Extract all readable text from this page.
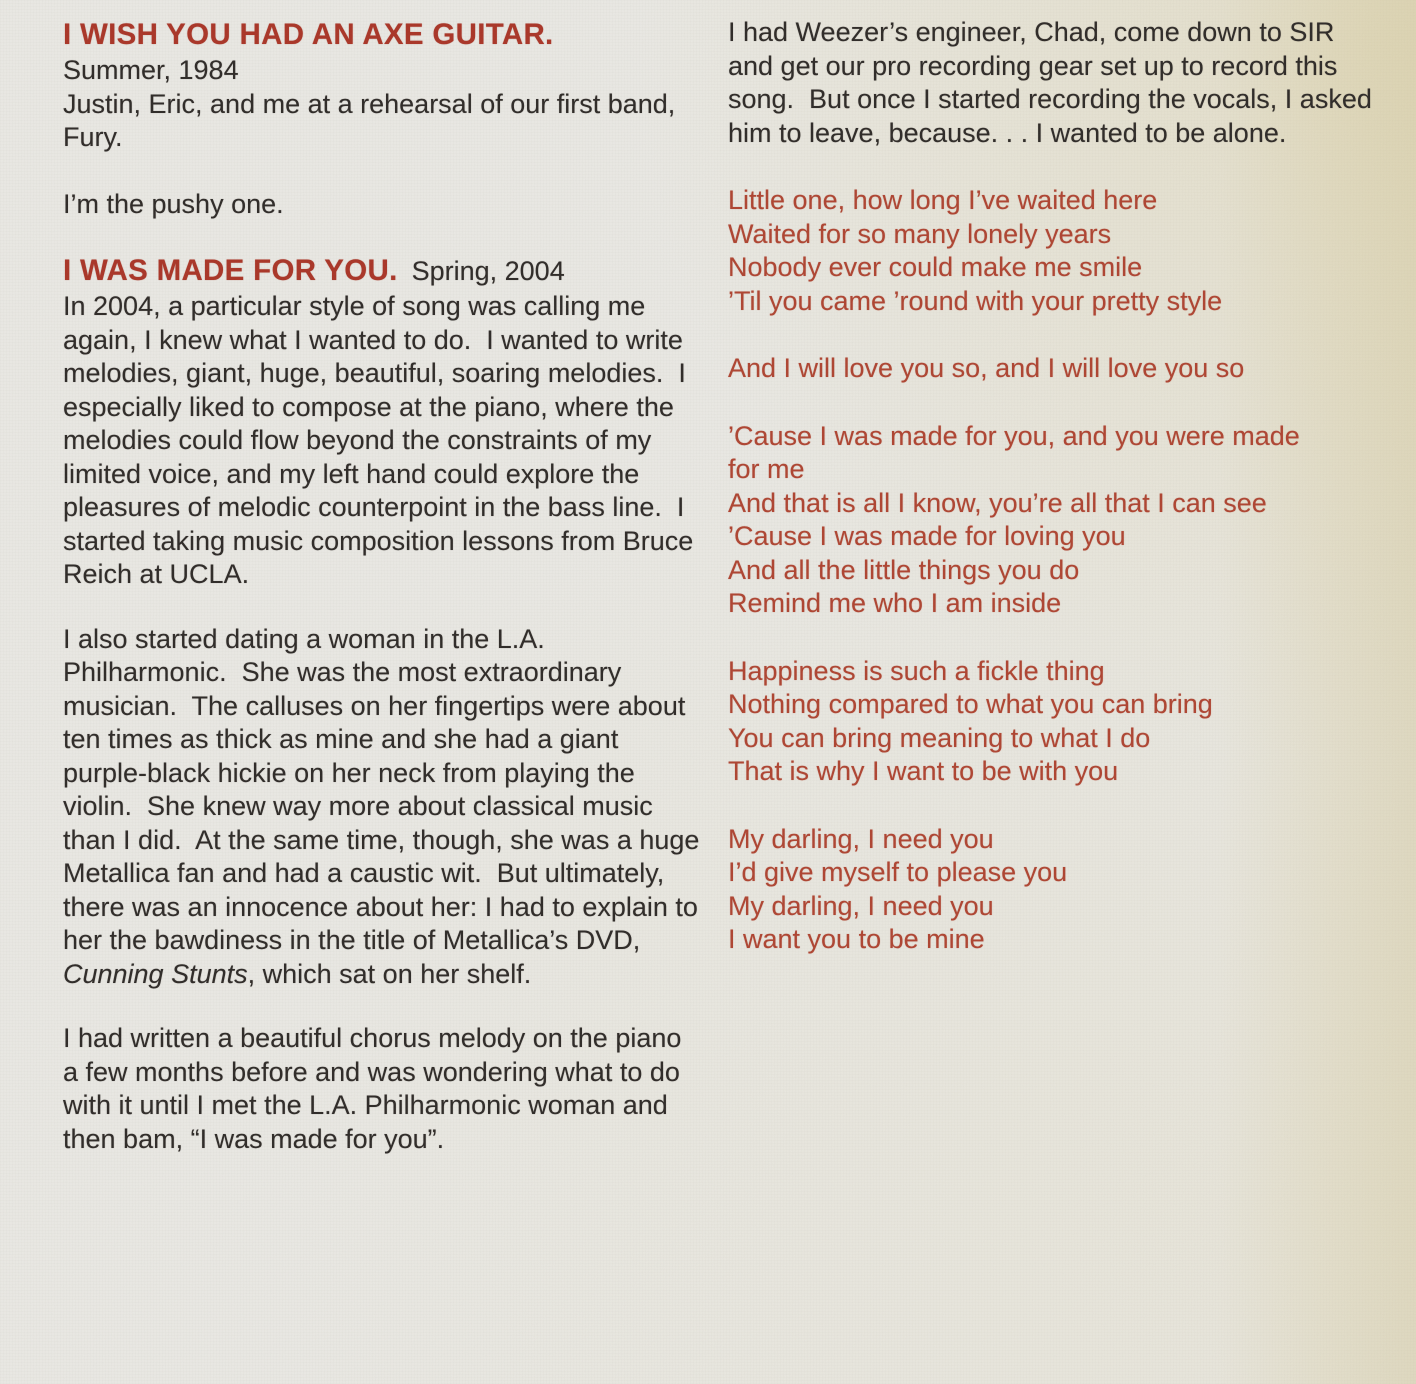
I WISH YOU HAD AN AXE GUITAR.

Summer, 1984

Justin, Eric, and me at a rehearsal of our first band, Fury.

I’m the pushy one.

I WAS MADE FOR YOU. Spring, 2004

In 2004, a particular style of song was calling me again, I knew what I wanted to do.  I wanted to write melodies, giant, huge, beautiful, soaring melodies.  I especially liked to compose at the piano, where the melodies could flow beyond the constraints of my limited voice, and my left hand could explore the pleasures of melodic counterpoint in the bass line.  I started taking music composition lessons from Bruce Reich at UCLA.

I also started dating a woman in the L.A. Philharmonic.  She was the most extraordinary musician.  The calluses on her fingertips were about ten times as thick as mine and she had a giant purple-black hickie on her neck from playing the violin.  She knew way more about classical music than I did.  At the same time, though, she was a huge Metallica fan and had a caustic wit.  But ultimately, there was an innocence about her: I had to explain to her the bawdiness in the title of Metallica’s DVD, Cunning Stunts, which sat on her shelf.

I had written a beautiful chorus melody on the piano a few months before and was wondering what to do with it until I met the L.A. Philharmonic woman and then bam, “I was made for you”.

I had Weezer’s engineer, Chad, come down to SIR and get our pro recording gear set up to record this song.  But once I started recording the vocals, I asked him to leave, because. . . I wanted to be alone.

Little one, how long I’ve waited here

Waited for so many lonely years

Nobody ever could make me smile

’Til you came ’round with your pretty style

And I will love you so, and I will love you so

’Cause I was made for you, and you were made

for me

And that is all I know, you’re all that I can see

’Cause I was made for loving you

And all the little things you do

Remind me who I am inside

Happiness is such a fickle thing

Nothing compared to what you can bring

You can bring meaning to what I do

That is why I want to be with you

My darling, I need you

I’d give myself to please you

My darling, I need you

I want you to be mine
